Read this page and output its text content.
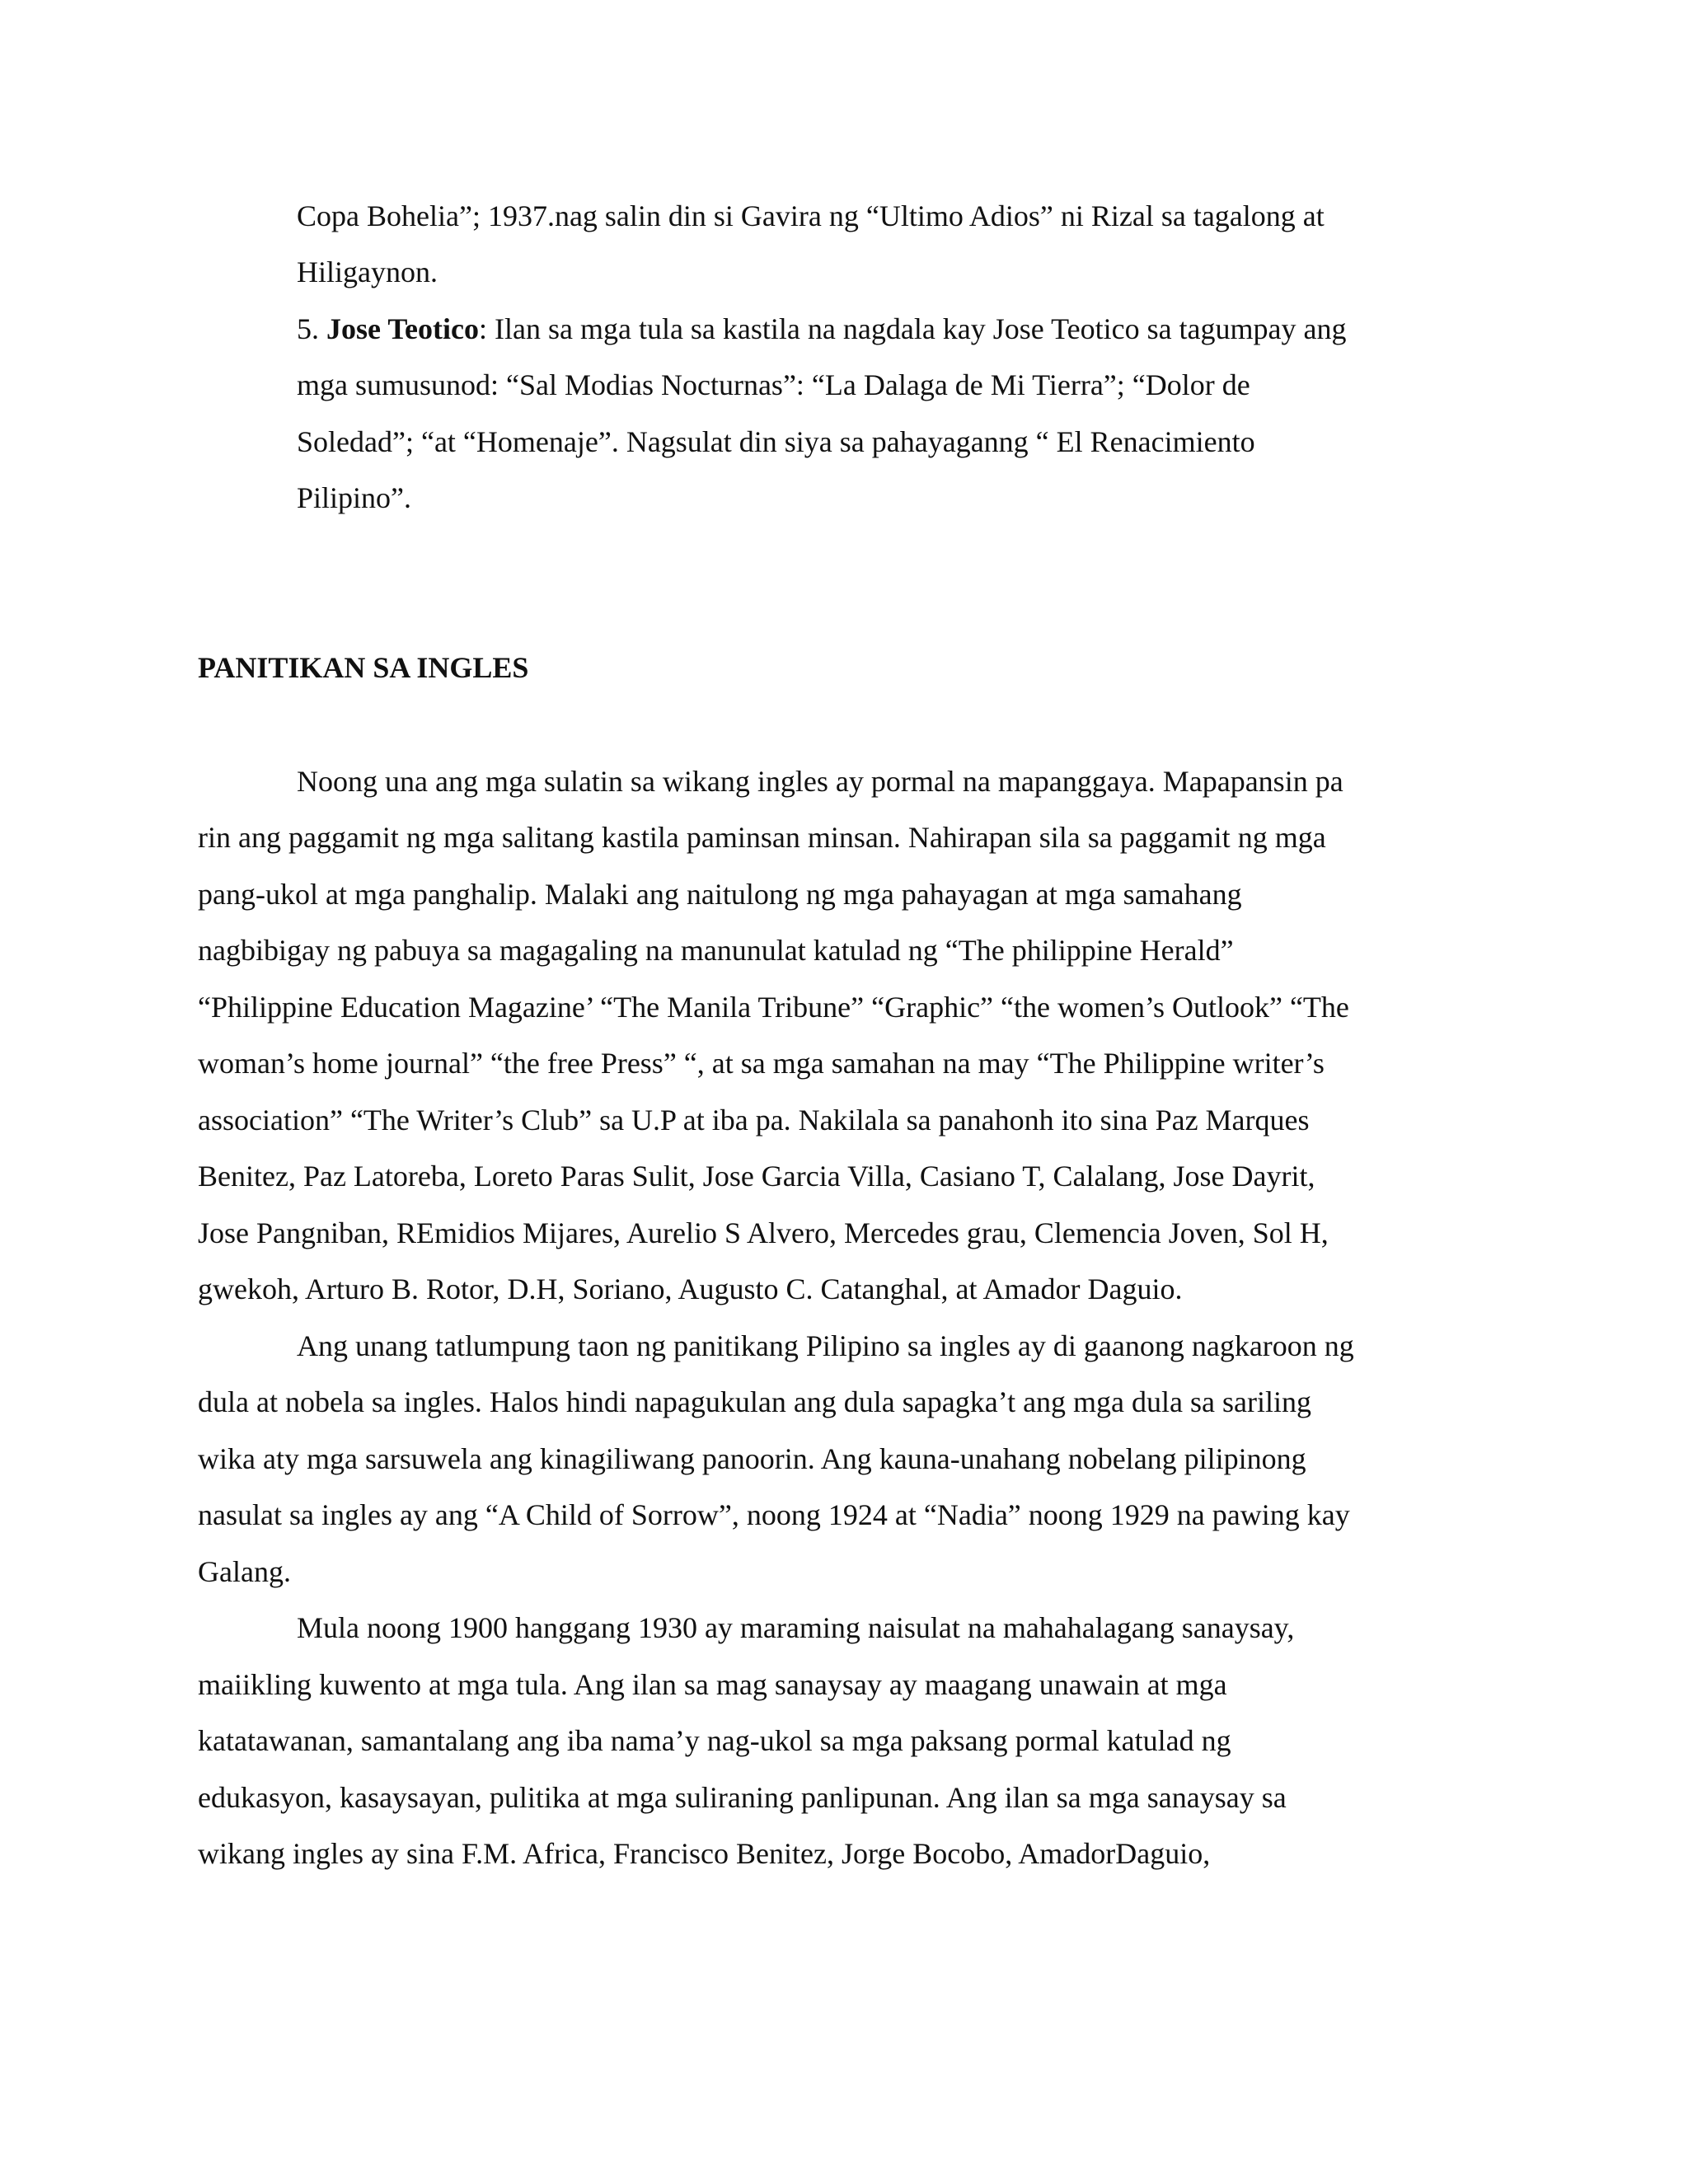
Copa Bohelia”; 1937.nag salin din si Gavira ng “Ultimo Adios” ni Rizal sa tagalong at

Hiligaynon.

5. Jose Teotico: Ilan sa mga tula sa kastila na nagdala kay Jose Teotico sa tagumpay ang

mga sumusunod: “Sal Modias Nocturnas”: “La Dalaga de Mi Tierra”; “Dolor de

Soledad”; “at “Homenaje”. Nagsulat din siya sa pahayaganng “ El Renacimiento

Pilipino”.

PANITIKAN SA INGLES

Noong una ang mga sulatin sa wikang ingles ay pormal na mapanggaya. Mapapansin pa

rin ang paggamit ng mga salitang kastila paminsan minsan. Nahirapan sila sa paggamit ng mga

pang-ukol at mga panghalip. Malaki ang naitulong ng mga pahayagan at mga samahang

nagbibigay ng pabuya sa magagaling na manunulat katulad ng “The philippine Herald”

“Philippine Education Magazine’ “The Manila Tribune” “Graphic” “the women’s Outlook” “The

woman’s home journal” “the free Press” “, at sa mga samahan na may “The Philippine writer’s

association” “The Writer’s Club” sa U.P at iba pa. Nakilala sa panahonh ito sina Paz Marques

Benitez, Paz Latoreba, Loreto Paras Sulit, Jose Garcia Villa, Casiano T, Calalang, Jose Dayrit,

Jose Pangniban, REmidios Mijares, Aurelio S Alvero, Mercedes grau, Clemencia Joven, Sol H,

gwekoh, Arturo B. Rotor, D.H, Soriano, Augusto C. Catanghal, at Amador Daguio.

Ang unang tatlumpung taon ng panitikang Pilipino sa ingles ay di gaanong nagkaroon ng

dula at nobela sa ingles. Halos hindi napagukulan ang dula sapagka’t ang mga dula sa sariling

wika aty mga sarsuwela ang kinagiliwang panoorin. Ang kauna-unahang nobelang pilipinong

nasulat sa ingles ay ang “A Child of Sorrow”, noong 1924 at “Nadia” noong 1929 na pawing kay

Galang.

Mula noong 1900 hanggang 1930 ay maraming naisulat na mahahalagang sanaysay,

maiikling kuwento at mga tula. Ang ilan sa mag sanaysay ay maagang unawain at mga

katatawanan, samantalang ang iba nama’y nag-ukol sa mga paksang pormal katulad ng

edukasyon, kasaysayan, pulitika at mga suliraning panlipunan. Ang ilan sa mga sanaysay sa

wikang ingles ay sina F.M. Africa, Francisco Benitez, Jorge Bocobo, AmadorDaguio,
